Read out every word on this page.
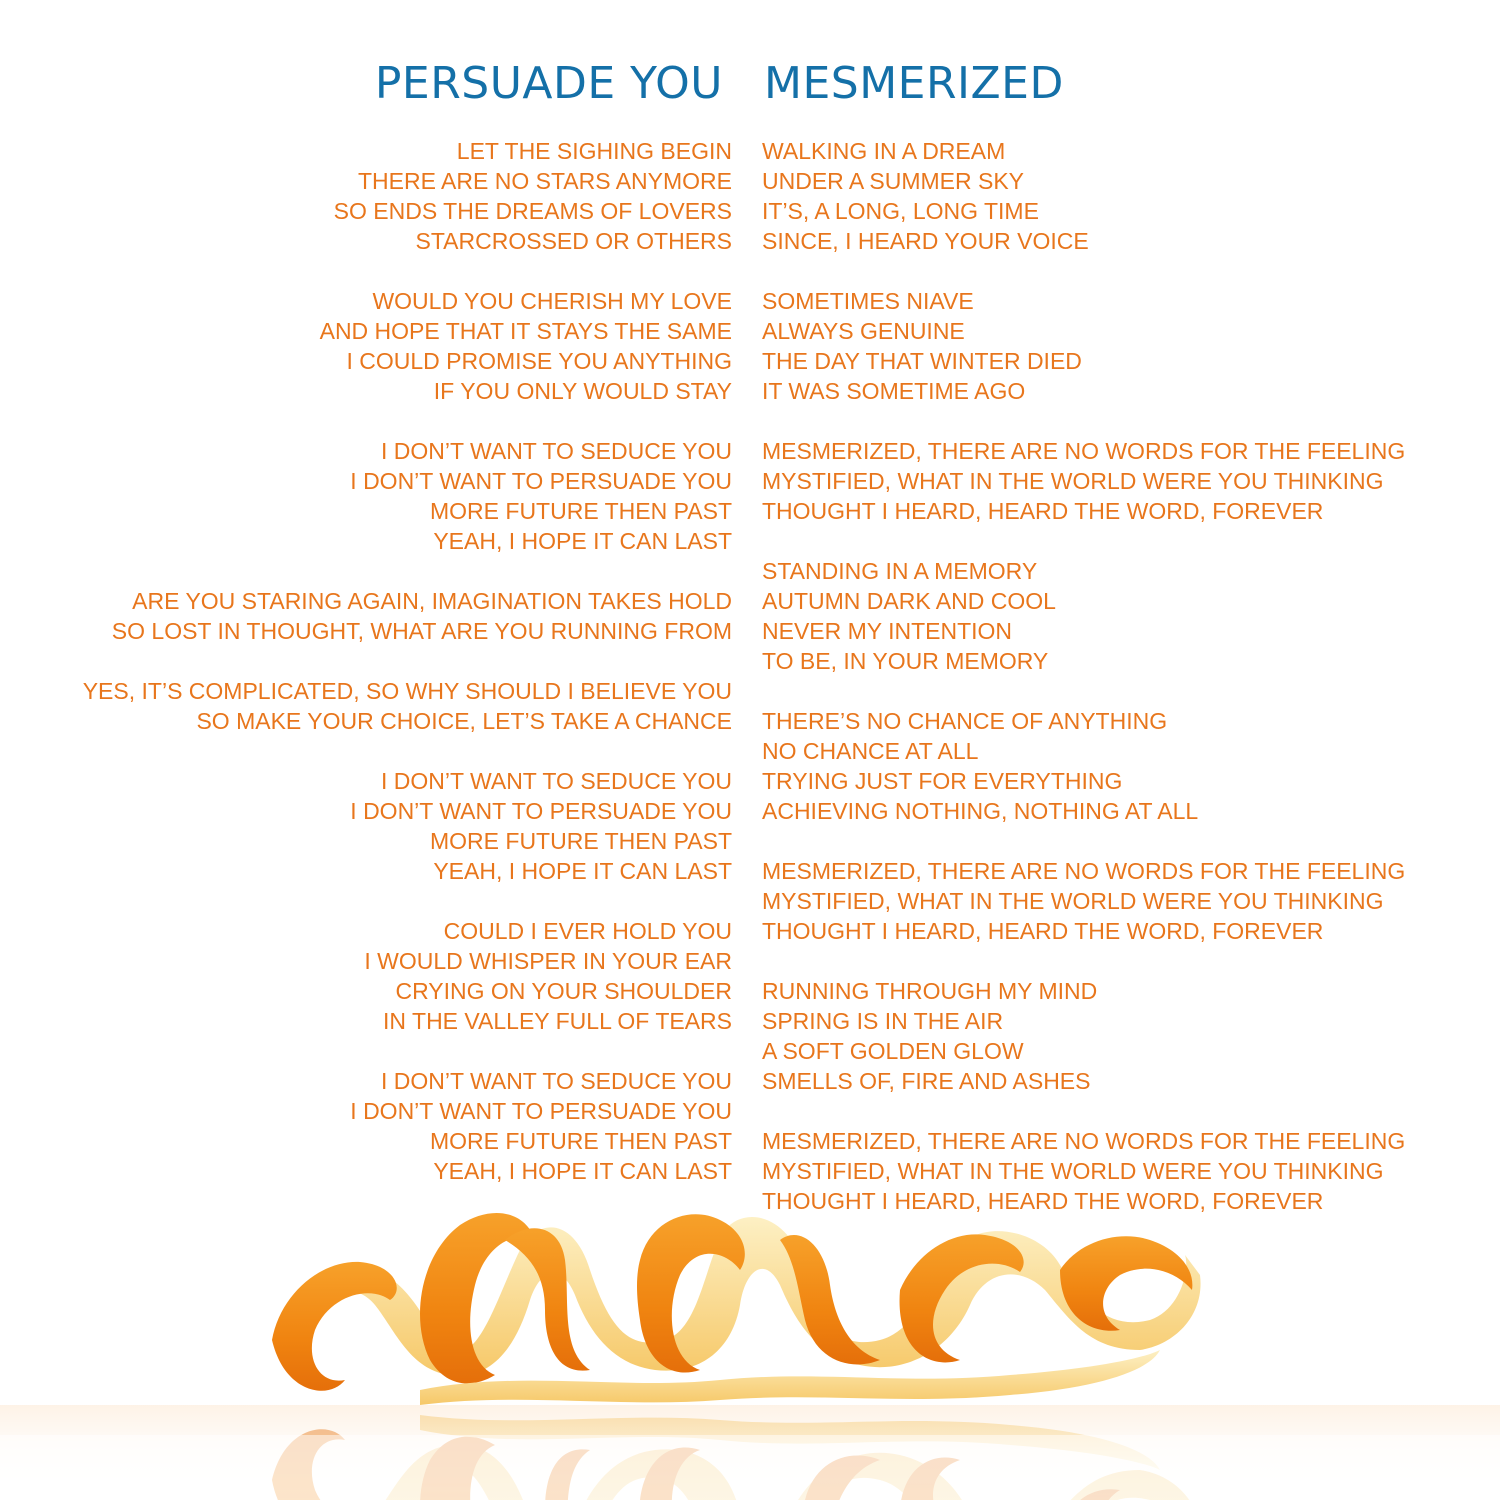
PERSUADE YOU MESMERIZED
LET THE SIGHING BEGIN
THERE ARE NO STARS ANYMORE
SO ENDS THE DREAMS OF LOVERS
STARCROSSED OR OTHERS
WOULD YOU CHERISH MY LOVE
AND HOPE THAT IT STAYS THE SAME
I COULD PROMISE YOU ANYTHING
IF YOU ONLY WOULD STAY
I DON’T WANT TO SEDUCE YOU
I DON’T WANT TO PERSUADE YOU
MORE FUTURE THEN PAST
YEAH, I HOPE IT CAN LAST
ARE YOU STARING AGAIN, IMAGINATION TAKES HOLD
SO LOST IN THOUGHT, WHAT ARE YOU RUNNING FROM
YES, IT’S COMPLICATED, SO WHY SHOULD I BELIEVE YOU
SO MAKE YOUR CHOICE, LET’S TAKE A CHANCE
I DON’T WANT TO SEDUCE YOU
I DON’T WANT TO PERSUADE YOU
MORE FUTURE THEN PAST
YEAH, I HOPE IT CAN LAST
COULD I EVER HOLD YOU
I WOULD WHISPER IN YOUR EAR
CRYING ON YOUR SHOULDER
IN THE VALLEY FULL OF TEARS
I DON’T WANT TO SEDUCE YOU
I DON’T WANT TO PERSUADE YOU
MORE FUTURE THEN PAST
YEAH, I HOPE IT CAN LAST
WALKING IN A DREAM
UNDER A SUMMER SKY
IT’S, A LONG, LONG TIME
SINCE, I HEARD YOUR VOICE
SOMETIMES NIAVE
ALWAYS GENUINE
THE DAY THAT WINTER DIED
IT WAS SOMETIME AGO
MESMERIZED, THERE ARE NO WORDS FOR THE FEELING
MYSTIFIED, WHAT IN THE WORLD WERE YOU THINKING
THOUGHT I HEARD, HEARD THE WORD, FOREVER
STANDING IN A MEMORY
AUTUMN DARK AND COOL
NEVER MY INTENTION
TO BE, IN YOUR MEMORY
THERE’S NO CHANCE OF ANYTHING
NO CHANCE AT ALL
TRYING JUST FOR EVERYTHING
ACHIEVING NOTHING, NOTHING AT ALL
MESMERIZED, THERE ARE NO WORDS FOR THE FEELING
MYSTIFIED, WHAT IN THE WORLD WERE YOU THINKING
THOUGHT I HEARD, HEARD THE WORD, FOREVER
RUNNING THROUGH MY MIND
SPRING IS IN THE AIR
A SOFT GOLDEN GLOW
SMELLS OF, FIRE AND ASHES
MESMERIZED, THERE ARE NO WORDS FOR THE FEELING
MYSTIFIED, WHAT IN THE WORLD WERE YOU THINKING
THOUGHT I HEARD, HEARD THE WORD, FOREVER
